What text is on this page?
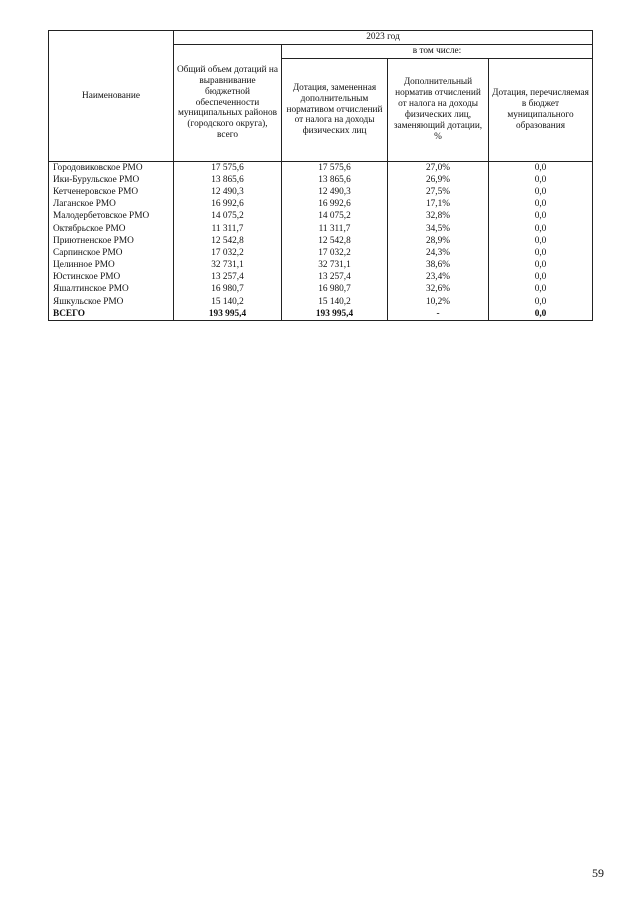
Наименование	2023 год			
	Общий объем дотаций на выравнивание бюджетной обеспеченности муниципальных районов (городского округа), всего	в том числе:		
		Дотация, замененная дополнительным нормативом отчислений от налога на доходы физических лиц	Дополнительный норматив отчислений от налога на доходы физических лиц, заменяющий дотации, %	Дотация, перечисляемая в бюджет муниципального образования
Городовиковское РМО	17 575,6	17 575,6	27,0%	0,0
Ики-Бурульское РМО	13 865,6	13 865,6	26,9%	0,0
Кетченеровское РМО	12 490,3	12 490,3	27,5%	0,0
Лаганское РМО	16 992,6	16 992,6	17,1%	0,0
Малодербетовское РМО	14 075,2	14 075,2	32,8%	0,0
Октябрьское РМО	11 311,7	11 311,7	34,5%	0,0
Приютненское РМО	12 542,8	12 542,8	28,9%	0,0
Сарпинское РМО	17 032,2	17 032,2	24,3%	0,0
Целинное РМО	32 731,1	32 731,1	38,6%	0,0
Юстинское РМО	13 257,4	13 257,4	23,4%	0,0
Яшалтинское РМО	16 980,7	16 980,7	32,6%	0,0
Яшкульское РМО	15 140,2	15 140,2	10,2%	0,0
ВСЕГО	193 995,4	193 995,4	-	0,0
59
